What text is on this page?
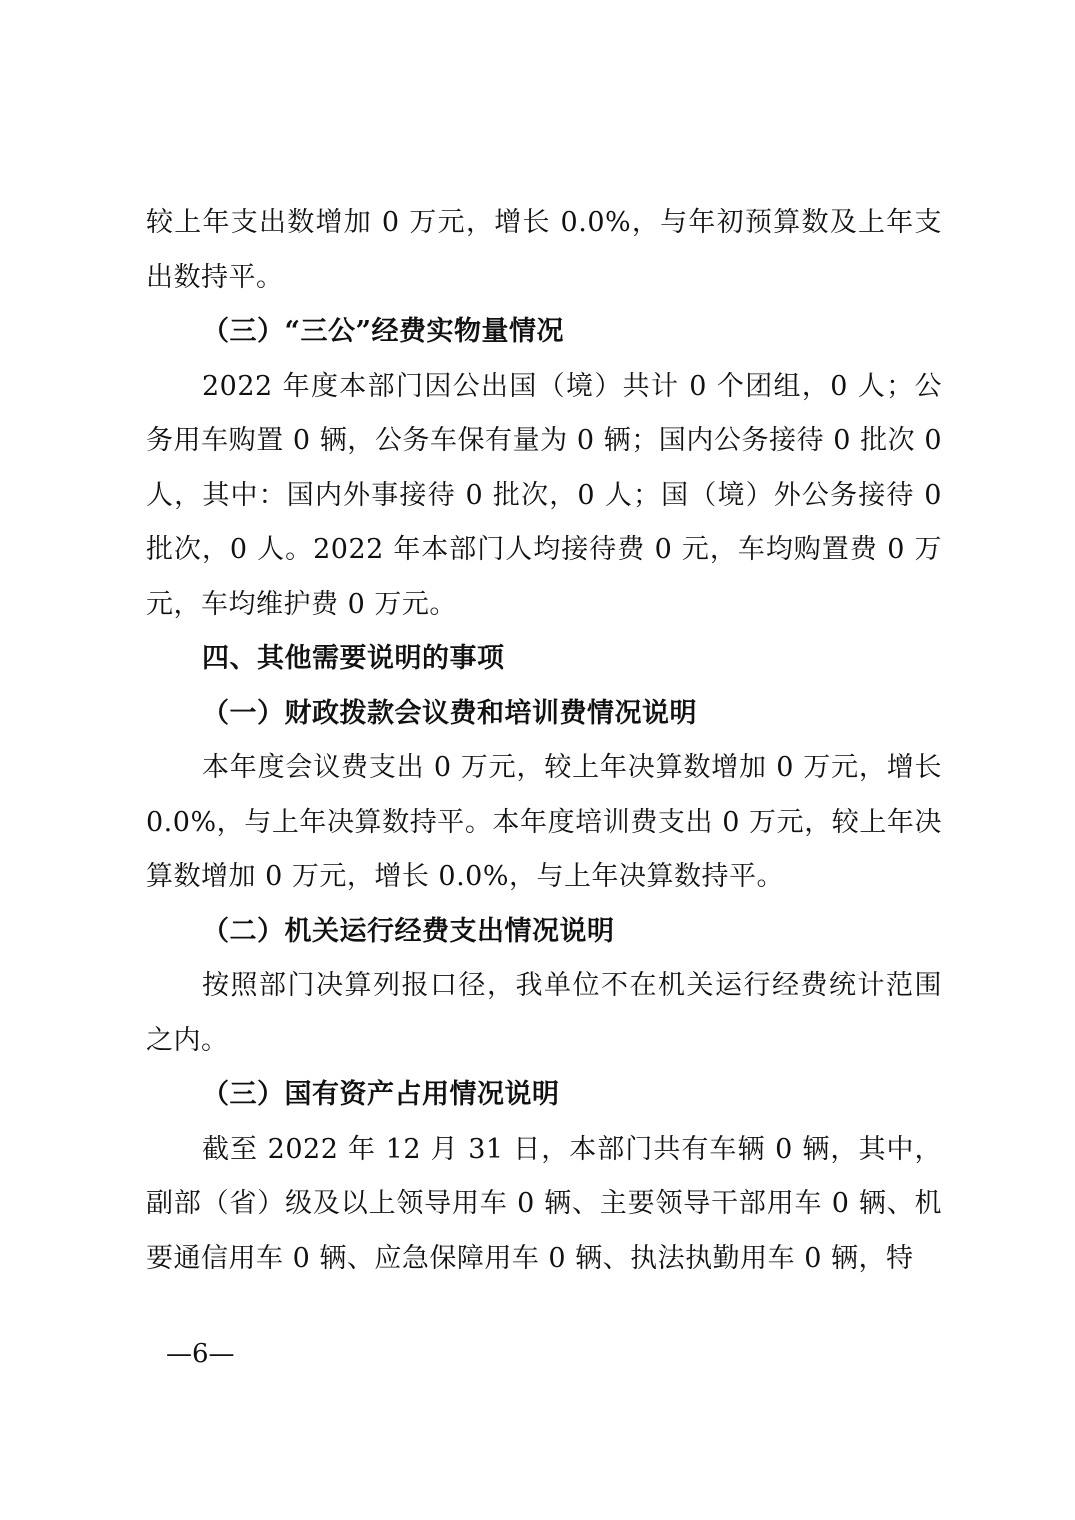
较上年支出数增加 0 万元，增长 0.0%，与年初预算数及上年支出数持平。

（三）“三公”经费实物量情况

2022 年度本部门因公出国（境）共计 0 个团组，0 人；公务用车购置 0 辆，公务车保有量为 0 辆；国内公务接待 0 批次 0 人，其中：国内外事接待 0 批次，0 人；国（境）外公务接待 0 批次，0 人。2022 年本部门人均接待费 0 元，车均购置费 0 万元，车均维护费 0 万元。

四、其他需要说明的事项

（一）财政拨款会议费和培训费情况说明

本年度会议费支出 0 万元，较上年决算数增加 0 万元，增长 0.0%，与上年决算数持平。本年度培训费支出 0 万元，较上年决算数增加 0 万元，增长 0.0%，与上年决算数持平。

（二）机关运行经费支出情况说明

按照部门决算列报口径，我单位不在机关运行经费统计范围之内。

（三）国有资产占用情况说明

截至 2022 年 12 月 31 日，本部门共有车辆 0 辆，其中，副部（省）级及以上领导用车 0 辆、主要领导干部用车 0 辆、机要通信用车 0 辆、应急保障用车 0 辆、执法执勤用车 0 辆，特

—6—
